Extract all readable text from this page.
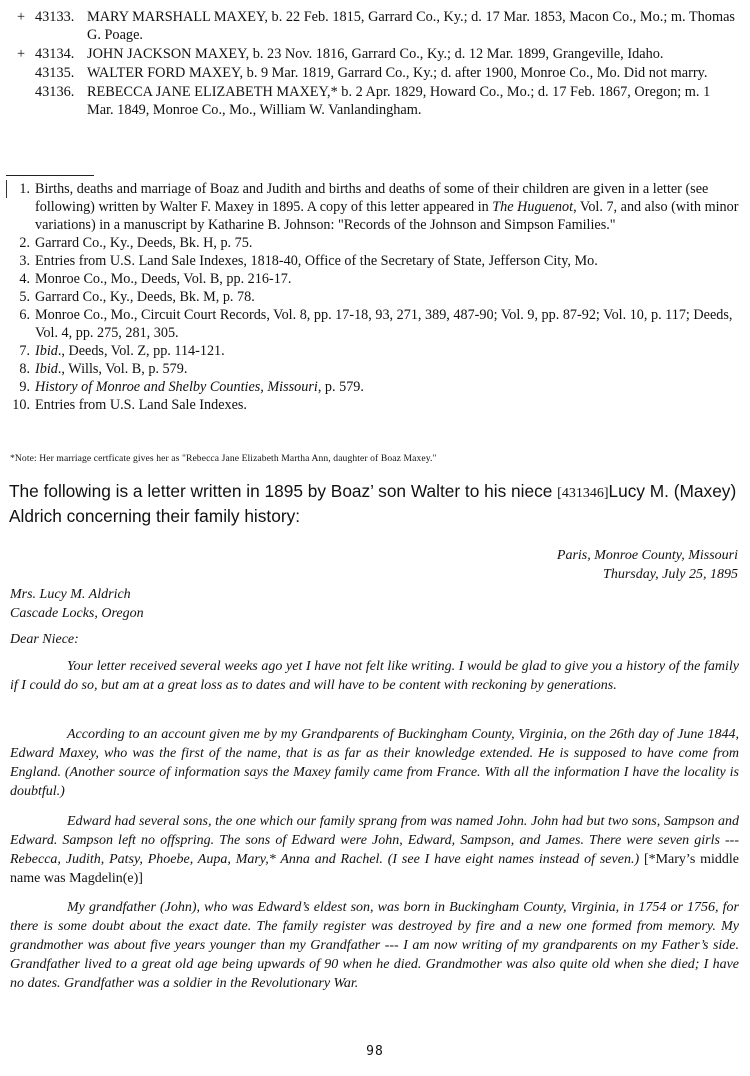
+ 43133. MARY MARSHALL MAXEY, b. 22 Feb. 1815, Garrard Co., Ky.; d. 17 Mar. 1853, Macon Co., Mo.; m. Thomas G. Poage.
+ 43134. JOHN JACKSON MAXEY, b. 23 Nov. 1816, Garrard Co., Ky.; d. 12 Mar. 1899, Grangeville, Idaho.
43135. WALTER FORD MAXEY, b. 9 Mar. 1819, Garrard Co., Ky.; d. after 1900, Monroe Co., Mo. Did not marry.
43136. REBECCA JANE ELIZABETH MAXEY,* b. 2 Apr. 1829, Howard Co., Mo.; d. 17 Feb. 1867, Oregon; m. 1 Mar. 1849, Monroe Co., Mo., William W. Vanlandingham.
1. Births, deaths and marriage of Boaz and Judith and births and deaths of some of their children are given in a letter (see following) written by Walter F. Maxey in 1895. A copy of this letter appeared in The Huguenot, Vol. 7, and also (with minor variations) in a manuscript by Katharine B. Johnson: "Records of the Johnson and Simpson Families."
2. Garrard Co., Ky., Deeds, Bk. H, p. 75.
3. Entries from U.S. Land Sale Indexes, 1818-40, Office of the Secretary of State, Jefferson City, Mo.
4. Monroe Co., Mo., Deeds, Vol. B, pp. 216-17.
5. Garrard Co., Ky., Deeds, Bk. M, p. 78.
6. Monroe Co., Mo., Circuit Court Records, Vol. 8, pp. 17-18, 93, 271, 389, 487-90; Vol. 9, pp. 87-92; Vol. 10, p. 117; Deeds, Vol. 4, pp. 275, 281, 305.
7. Ibid., Deeds, Vol. Z, pp. 114-121.
8. Ibid., Wills, Vol. B, p. 579.
9. History of Monroe and Shelby Counties, Missouri, p. 579.
10. Entries from U.S. Land Sale Indexes.
*Note: Her marriage certficate gives her as "Rebecca Jane Elizabeth Martha Ann, daughter of Boaz Maxey."
The following is a letter written in 1895 by Boaz’ son Walter to his niece [431346]Lucy M. (Maxey) Aldrich concerning their family history:
Paris, Monroe County, Missouri
Thursday, July 25, 1895
Mrs. Lucy M. Aldrich
Cascade Locks, Oregon
Dear Niece:
Your letter received several weeks ago yet I have not felt like writing. I would be glad to give you a history of the family if I could do so, but am at a great loss as to dates and will have to be content with reckoning by generations.
According to an account given me by my Grandparents of Buckingham County, Virginia, on the 26th day of June 1844, Edward Maxey, who was the first of the name, that is as far as their knowledge extended. He is supposed to have come from England. (Another source of information says the Maxey family came from France. With all the information I have the locality is doubtful.)
Edward had several sons, the one which our family sprang from was named John. John had but two sons, Sampson and Edward. Sampson left no offspring. The sons of Edward were John, Edward, Sampson, and James. There were seven girls --- Rebecca, Judith, Patsy, Phoebe, Aupa, Mary,* Anna and Rachel. (I see I have eight names instead of seven.) [*Mary’s middle name was Magdelin(e)]
My grandfather (John), who was Edward’s eldest son, was born in Buckingham County, Virginia, in 1754 or 1756, for there is some doubt about the exact date. The family register was destroyed by fire and a new one formed from memory. My grandmother was about five years younger than my Grandfather --- I am now writing of my grandparents on my Father’s side. Grandfather lived to a great old age being upwards of 90 when he died. Grandmother was also quite old when she died; I have no dates. Grandfather was a soldier in the Revolutionary War.
98
